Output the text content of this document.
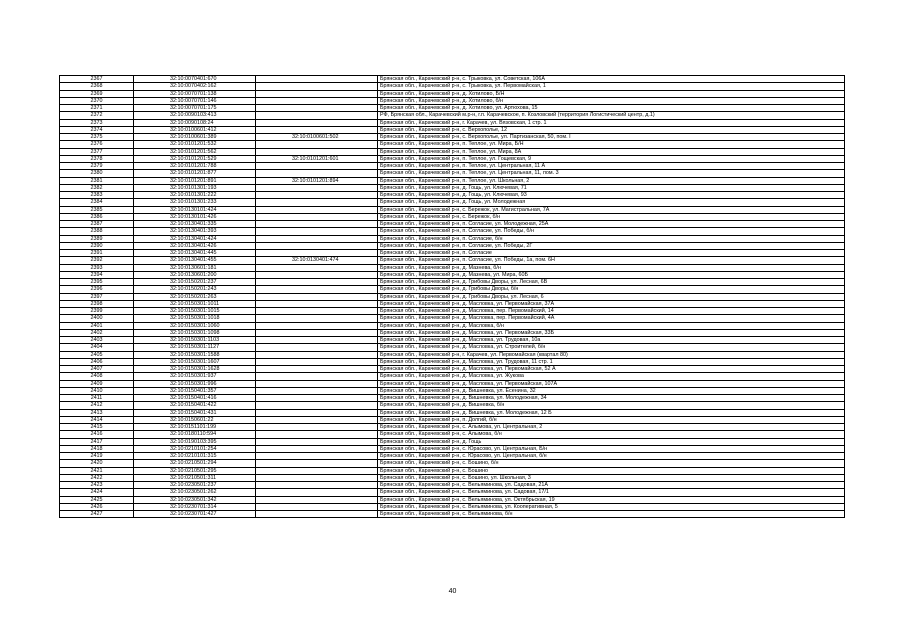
2367	32:10:0070401:670		Брянская обл., Карачевский р-н, с. Трыковка, ул. Советская, 106А
2368	32:10:0070402:162		Брянская обл., Карачевский р-н, с. Трыковка, ул. Первомайская, 1
2369	32:10:0070701:138		Брянская обл., Карачевский р-н, д. Хотилово, Б/Н
2370	32:10:0070701:146		Брянская обл., Карачевский р-н, д. Хотилово, б/н
2371	32:10:0070701:175		Брянская обл., Карачевский р-н, д. Хотилово, ул. Артюхова, 15
2372	32:10:0090103:413		РФ, Брянская обл., Карачевский м.р-н, г.п. Карачевское, п. Козловский (территория Логистический центр, д.1)
2373	32:10:0090108:24		Брянская обл., Карачевский р-н, г. Карачев, ул. Вязовская, 1 стр. 1
2374	32:10:0100601:412		Брянская обл., Карачевский р-н, с. Верхополье, 12
2375	32:10:0100601:389	32:10:0100601:502	Брянская обл., Карачевский р-н, с. Верхополье, ул. Партизанская, 50, пом. I
2376	32:10:0101201:532		Брянская обл., Карачевский р-н, п. Теплое, ул. Мира, Б/Н
2377	32:10:0101201:562		Брянская обл., Карачевский р-н, п. Теплое, ул. Мира, 8А
2378	32:10:0101201:529	32:10:0101201:601	Брянская обл., Карачевский р-н, п. Теплое, ул. Гощевская, 9
2379	32:10:0101201:788		Брянская обл., Карачевский р-н, п. Теплое, ул. Центральная, 11 А
2380	32:10:0101201:877		Брянская обл., Карачевский р-н, п. Теплое, ул. Центральная, 11, пом. 3
2381	32:10:0101201:891	32:10:0101201:894	Брянская обл., Карачевский р-н, п. Теплое, ул. Школьная, 2
2382	32:10:0101301:193		Брянская обл., Карачевский р-н, д. Гощь, ул. Ключевая, 71
2383	32:10:0101301:222		Брянская обл., Карачевский р-н, д. Гощь, ул. Ключевая, 93
2384	32:10:0101301:233		Брянская обл., Карачевский р-н, д. Гощь, ул. Молодежная
2385	32:10:0130101:424		Брянская обл., Карачевский р-н, с. Бережок, ул. Магистральная, 7А
2386	32:10:0130101:426		Брянская обл., Карачевский р-н, с. Бережок, б/н
2387	32:10:0130401:335		Брянская обл., Карачевский р-н, п. Согласие, ул. Молодежная, 25А
2388	32:10:0130401:393		Брянская обл., Карачевский р-н, п. Согласие, ул. Победы, б/н
2389	32:10:0130401:424		Брянская обл., Карачевский р-н, п. Согласие, б/н
2390	32:10:0130401:426		Брянская обл., Карачевский р-н, п. Согласие, ул. Победы, 2Г
2391	32:10:0130401:445		Брянская обл., Карачевский р-н, п. Согласие
2392	32:10:0130401:455	32:10:0130401:474	Брянская обл., Карачевский р-н, п. Согласие, ул. Победы, 1а, пом. 6Н
2393	32:10:0130601:181		Брянская обл., Карачевский р-н, д. Мазнева, б/н
2394	32:10:0130601:200		Брянская обл., Карачевский р-н, д. Мазнева, ул. Мира, 60Б
2395	32:10:0150201:237		Брянская обл., Карачевский р-н, д. Грибовы Дворы, ул. Лесная, 6В
2396	32:10:0150201:243		Брянская обл., Карачевский р-н, д. Грибовы Дворы, б/н
2397	32:10:0150201:263		Брянская обл., Карачевский р-н, д. Грибовы Дворы, ул. Лесная, 6
2398	32:10:0150301:1011		Брянская обл., Карачевский р-н, д. Масловка, ул. Первомайская, 37А
2399	32:10:0150301:1015		Брянская обл., Карачевский р-н, д. Масловка, пер. Первомайский, 14
2400	32:10:0150301:1018		Брянская обл., Карачевский р-н, д. Масловка, пер. Первомайский, 4А
2401	32:10:0150301:1060		Брянская обл., Карачевский р-н, д. Масловка, б/н
2402	32:10:0150301:1098		Брянская обл., Карачевский р-н, д. Масловка, ул. Первомайская, 33Б
2403	32:10:0150301:1103		Брянская обл., Карачевский р-н, д. Масловка, ул. Трудовая, 10а
2404	32:10:0150301:1127		Брянская обл., Карачевский р-н, д. Масловка, ул. Строителей, б/н
2405	32:10:0150301:1588		Брянская обл., Карачевский р-н, г. Карачев, ул. Первомайская (квартал 80)
2406	32:10:0150301:1607		Брянская обл., Карачевский р-н, д. Масловка, ул. Трудовая, 11 стр. 1
2407	32:10:0150301:1628		Брянская обл., Карачевский р-н, д. Масловка, ул. Первомайская, 52 А
2408	32:10:0150301:937		Брянская обл., Карачевский р-н, д. Масловка, ул. Жукова
2409	32:10:0150301:996		Брянская обл., Карачевский р-н, д. Масловка, ул. Первомайская, 107А
2410	32:10:0150401:357		Брянская обл., Карачевский р-н, д. Вишневка, ул. Есенина, 32
2411	32:10:0150401:416		Брянская обл., Карачевский р-н, д. Вишневка, ул. Молодежная, 34
2412	32:10:0150401:422		Брянская обл., Карачевский р-н, д. Вишневка, б/н
2413	32:10:0150401:431		Брянская обл., Карачевский р-н, д. Вишневка, ул. Молодежная, 12 Б
2414	32:10:0150601:22		Брянская обл., Карачевский р-н, п. Долгий, б/н
2415	32:10:0151101:199		Брянская обл., Карачевский р-н, с. Алымова, ул. Центральная, 2
2416	32:10:0180110:594		Брянская обл., Карачевский р-н, с. Алымова, б/н
2417	32:10:0190103:395		Брянская обл., Карачевский р-н, д. Гощь
2418	32:10:0210101:254		Брянская обл., Карачевский р-н, с. Юрасово, ул. Центральная, Б/н
2419	32:10:0210101:315		Брянская обл., Карачевский р-н, с. Юрасово, ул. Центральная, б/н
2420	32:10:0210501:294		Брянская обл., Карачевский р-н, с. Бошино, б/н
2421	32:10:0210501:295		Брянская обл., Карачевский р-н, с. Бошино
2422	32:10:0210501:311		Брянская обл., Карачевский р-н, с. Бошино, ул. Школьная, 3
2423	32:10:0230501:237		Брянская обл., Карачевский р-н, с. Вельяминова, ул. Садовая, 21А
2424	32:10:0230501:262		Брянская обл., Карачевский р-н, с. Вельяминова, ул. Садовая, 17/1
2425	32:10:0230501:342		Брянская обл., Карачевский р-н, с. Вельяминова, ул. Октябрьская, 19
2426	32:10:0230701:314		Брянская обл., Карачевский р-н, с. Вельяминова, ул. Кооперативная, 5
2427	32:10:0230701:427		Брянская обл., Карачевский р-н, с. Вельяминова, б/н
40
